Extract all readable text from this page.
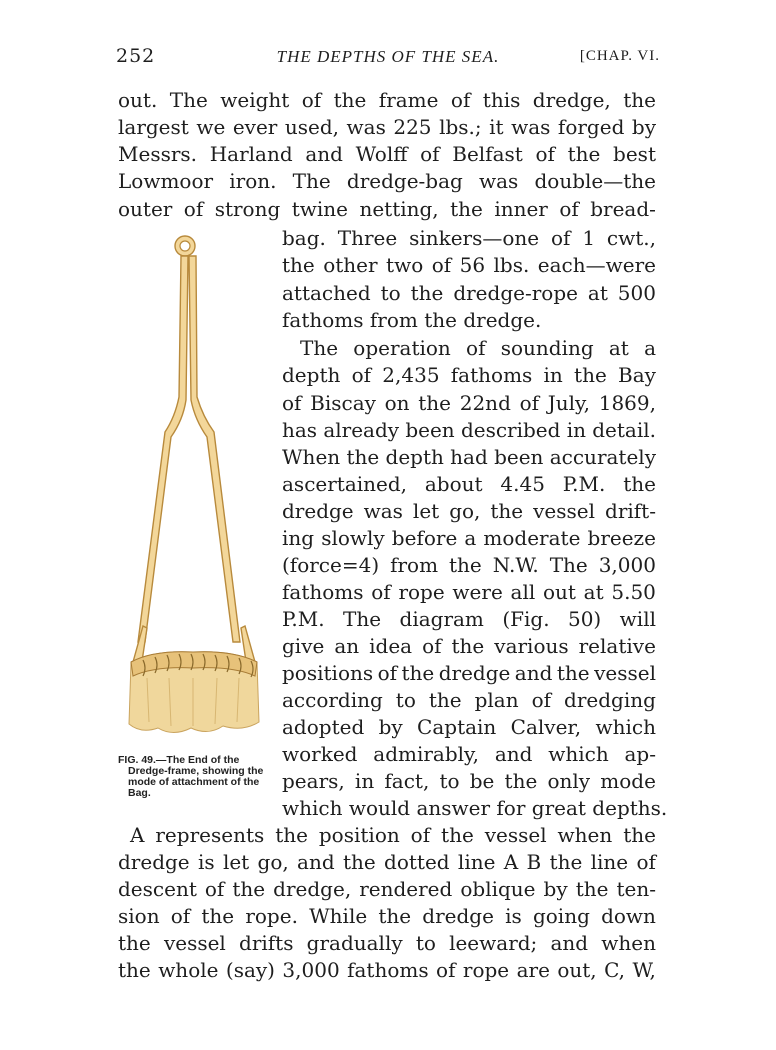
252	THE DEPTHS OF THE SEA.	[CHAP. VI.
FIG. 49.—The End of the
Dredge-frame, showing the mode of attachment of the Bag.
out. The weight of the frame of this dredge, the
largest we ever used, was 225 lbs.; it was forged by
Messrs. Harland and Wolff of Belfast of the best
Lowmoor iron. The dredge-bag was double—the
outer of strong twine netting, the inner of bread-
bag. Three sinkers—one of 1 cwt.,
the other two of 56 lbs. each—were
attached to the dredge-rope at 500
fathoms from the dredge.
The operation of sounding at a
depth of 2,435 fathoms in the Bay
of Biscay on the 22nd of July, 1869,
has already been described in detail.
When the depth had been accurately
ascertained, about 4.45 P.M. the
dredge was let go, the vessel drift-
ing slowly before a moderate breeze
(force=4) from the N.W. The 3,000
fathoms of rope were all out at 5.50
P.M. The diagram (Fig. 50) will
give an idea of the various relative
positions of the dredge and the vessel
according to the plan of dredging
adopted by Captain Calver, which
worked admirably, and which ap-
pears, in fact, to be the only mode
which would answer for great depths.
A represents the position of the vessel when the
dredge is let go, and the dotted line A B the line of
descent of the dredge, rendered oblique by the ten-
sion of the rope. While the dredge is going down
the vessel drifts gradually to leeward; and when
the whole (say) 3,000 fathoms of rope are out, C, W,
